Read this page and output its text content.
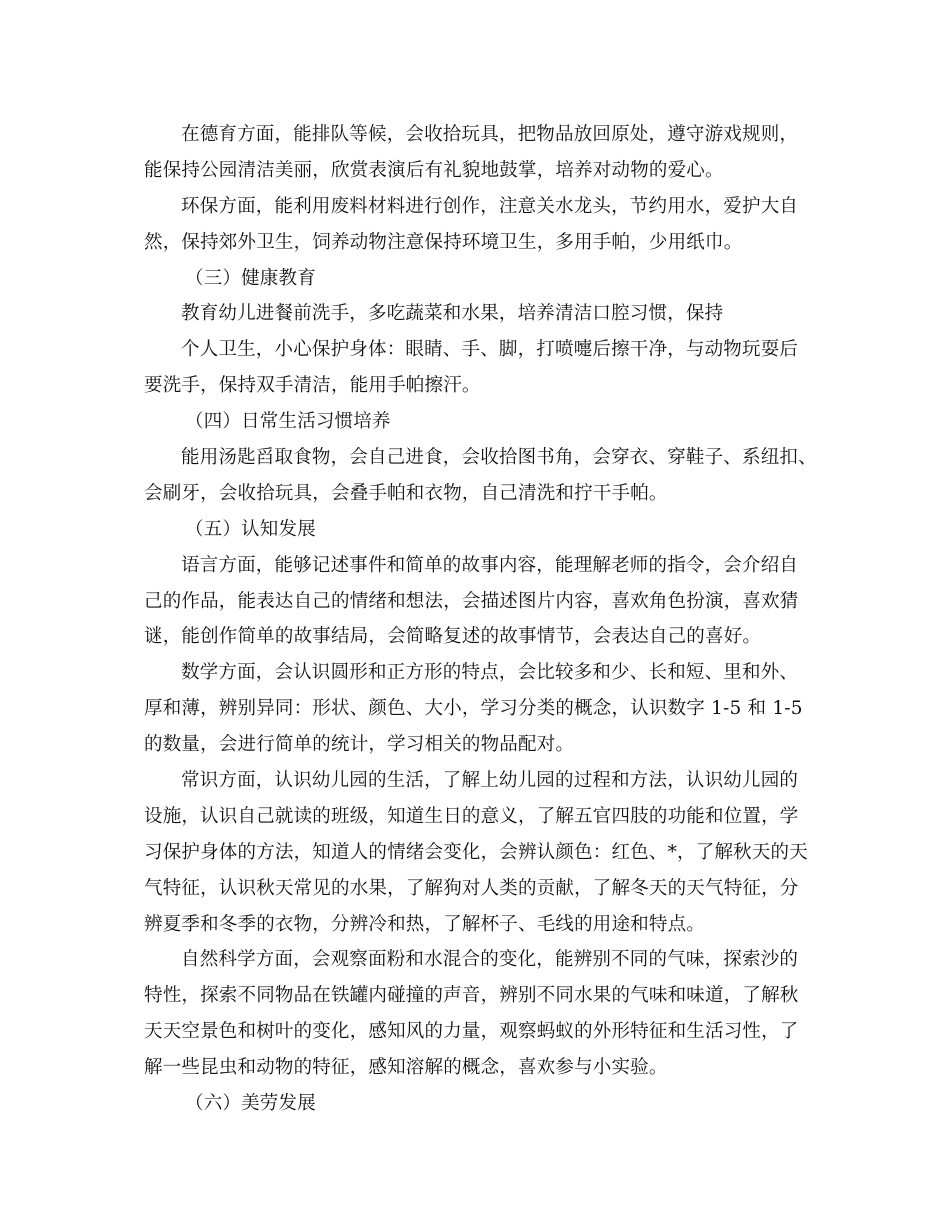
在德育方面，能排队等候，会收拾玩具，把物品放回原处，遵守游戏规则，
能保持公园清洁美丽，欣赏表演后有礼貌地鼓掌，培养对动物的爱心。
环保方面，能利用废料材料进行创作，注意关水龙头，节约用水，爱护大自
然，保持郊外卫生，饲养动物注意保持环境卫生，多用手帕，少用纸巾。
（三）健康教育
教育幼儿进餐前洗手，多吃蔬菜和水果，培养清洁口腔习惯，保持
个人卫生，小心保护身体：眼睛、手、脚，打喷嚏后擦干净，与动物玩耍后
要洗手，保持双手清洁，能用手帕擦汗。
（四）日常生活习惯培养
能用汤匙舀取食物，会自己进食，会收拾图书角，会穿衣、穿鞋子、系纽扣、
会刷牙，会收拾玩具，会叠手帕和衣物，自己清洗和拧干手帕。
（五）认知发展
语言方面，能够记述事件和简单的故事内容，能理解老师的指令，会介绍自
己的作品，能表达自己的情绪和想法，会描述图片内容，喜欢角色扮演，喜欢猜
谜，能创作简单的故事结局，会简略复述的故事情节，会表达自己的喜好。
数学方面，会认识圆形和正方形的特点，会比较多和少、长和短、里和外、
厚和薄，辨别异同：形状、颜色、大小，学习分类的概念，认识数字 1-5 和 1-5
的数量，会进行简单的统计，学习相关的物品配对。
常识方面，认识幼儿园的生活，了解上幼儿园的过程和方法，认识幼儿园的
设施，认识自己就读的班级，知道生日的意义，了解五官四肢的功能和位置，学
习保护身体的方法，知道人的情绪会变化，会辨认颜色：红色、*，了解秋天的天
气特征，认识秋天常见的水果，了解狗对人类的贡献，了解冬天的天气特征，分
辨夏季和冬季的衣物，分辨冷和热，了解杯子、毛线的用途和特点。
自然科学方面，会观察面粉和水混合的变化，能辨别不同的气味，探索沙的
特性，探索不同物品在铁罐内碰撞的声音，辨别不同水果的气味和味道，了解秋
天天空景色和树叶的变化，感知风的力量，观察蚂蚁的外形特征和生活习性，了
解一些昆虫和动物的特征，感知溶解的概念，喜欢参与小实验。
（六）美劳发展
